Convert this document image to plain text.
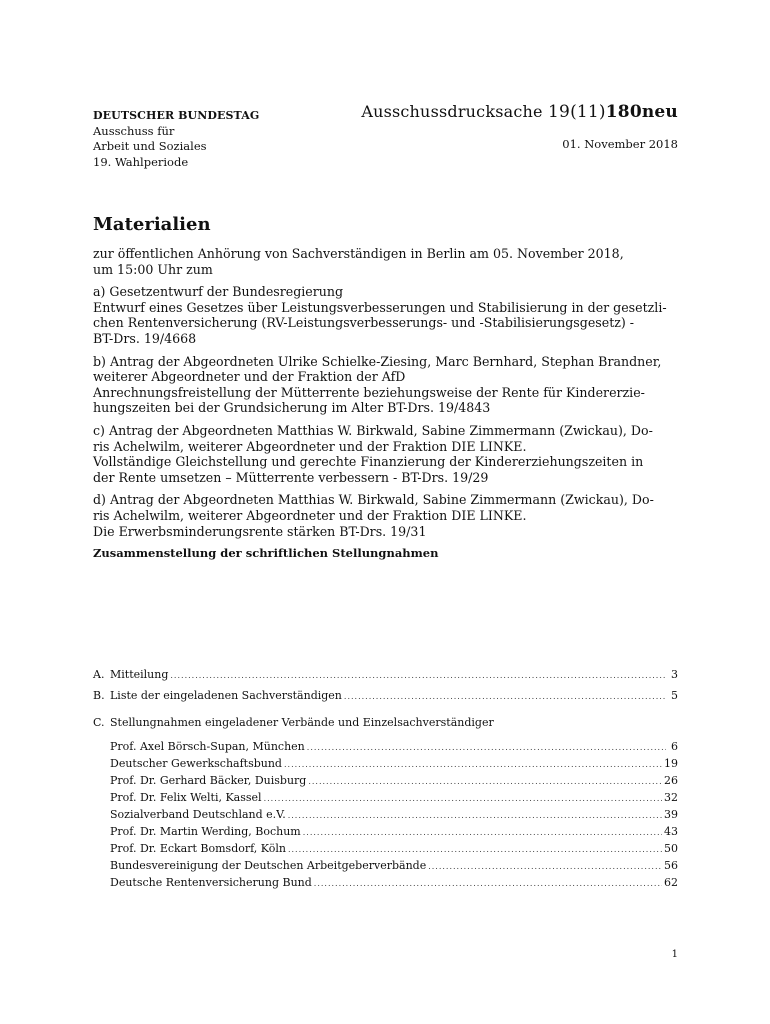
DEUTSCHER BUNDESTAG
Ausschuss für
Arbeit und Soziales
19. Wahlperiode
Ausschussdrucksache 19(11)180neu
01. November 2018
Materialien

zur öffentlichen Anhörung von Sachverständigen in Berlin am 05. November 2018,
um 15:00 Uhr zum

a) Gesetzentwurf der Bundesregierung
Entwurf eines Gesetzes über Leistungsverbesserungen und Stabilisierung in der gesetzli-
chen Rentenversicherung (RV-Leistungsverbesserungs- und -Stabilisierungsgesetz) -
BT-Drs. 19/4668

b) Antrag der Abgeordneten Ulrike Schielke-Ziesing, Marc Bernhard, Stephan Brandner,
weiterer Abgeordneter und der Fraktion der AfD
Anrechnungsfreistellung der Mütterrente beziehungsweise der Rente für Kindererzie-
hungszeiten bei der Grundsicherung im Alter BT-Drs. 19/4843

c) Antrag der Abgeordneten Matthias W. Birkwald, Sabine Zimmermann (Zwickau), Do-
ris Achelwilm, weiterer Abgeordneter und der Fraktion DIE LINKE.
Vollständige Gleichstellung und gerechte Finanzierung der Kindererziehungszeiten in
der Rente umsetzen – Mütterrente verbessern - BT-Drs. 19/29

d) Antrag der Abgeordneten Matthias W. Birkwald, Sabine Zimmermann (Zwickau), Do-
ris Achelwilm, weiterer Abgeordneter und der Fraktion DIE LINKE.
Die Erwerbsminderungsrente stärken BT-Drs. 19/31

Zusammenstellung der schriftlichen Stellungnahmen
A. Mitteilung .....	3
B. Liste der eingeladenen Sachverständigen .....	5
C. Stellungnahmen eingeladener Verbände und Einzelsachverständiger
Prof. Axel Börsch-Supan, München .....	6
Deutscher Gewerkschaftsbund .....	19
Prof. Dr. Gerhard Bäcker, Duisburg .....	26
Prof. Dr. Felix Welti, Kassel .....	32
Sozialverband Deutschland e.V. .....	39
Prof. Dr. Martin Werding, Bochum .....	43
Prof. Dr. Eckart Bomsdorf, Köln .....	50
Bundesvereinigung der Deutschen Arbeitgeberverbände .....	56
Deutsche Rentenversicherung Bund .....	62
1
